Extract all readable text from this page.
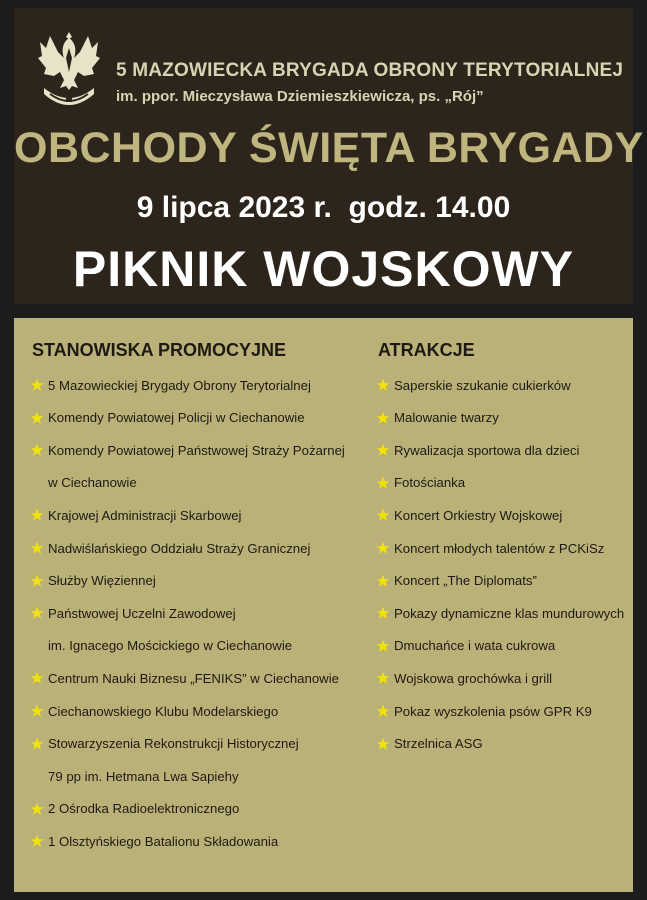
5 MAZOWIECKA BRYGADA OBRONY TERYTORIALNEJ
im. ppor. Mieczysława Dziemieszkiewicza, ps. „Rój”
OBCHODY ŚWIĘTA BRYGADY
9 lipca 2023 r.  godz. 14.00
PIKNIK WOJSKOWY
STANOWISKA PROMOCYJNE
5 Mazowieckiej Brygady Obrony Terytorialnej
Komendy Powiatowej Policji w Ciechanowie
Komendy Powiatowej Państwowej Straży Pożarnej
w Ciechanowie
Krajowej Administracji Skarbowej
Nadwiślańskiego Oddziału Straży Granicznej
Służby Więziennej
Państwowej Uczelni Zawodowej
im. Ignacego Mościckiego w Ciechanowie
Centrum Nauki Biznesu „FENIKS” w Ciechanowie
Ciechanowskiego Klubu Modelarskiego
Stowarzyszenia Rekonstrukcji Historycznej
79 pp im. Hetmana Lwa Sapiehy
2 Ośrodka Radioelektronicznego
1 Olsztyńskiego Batalionu Składowania
ATRAKCJE
Saperskie szukanie cukierków
Malowanie twarzy
Rywalizacja sportowa dla dzieci
Fotościanka
Koncert Orkiestry Wojskowej
Koncert młodych talentów z PCKiSz
Koncert „The Diplomats”
Pokazy dynamiczne klas mundurowych
Dmuchańce i wata cukrowa
Wojskowa grochówka i grill
Pokaz wyszkolenia psów GPR K9
Strzelnica ASG
